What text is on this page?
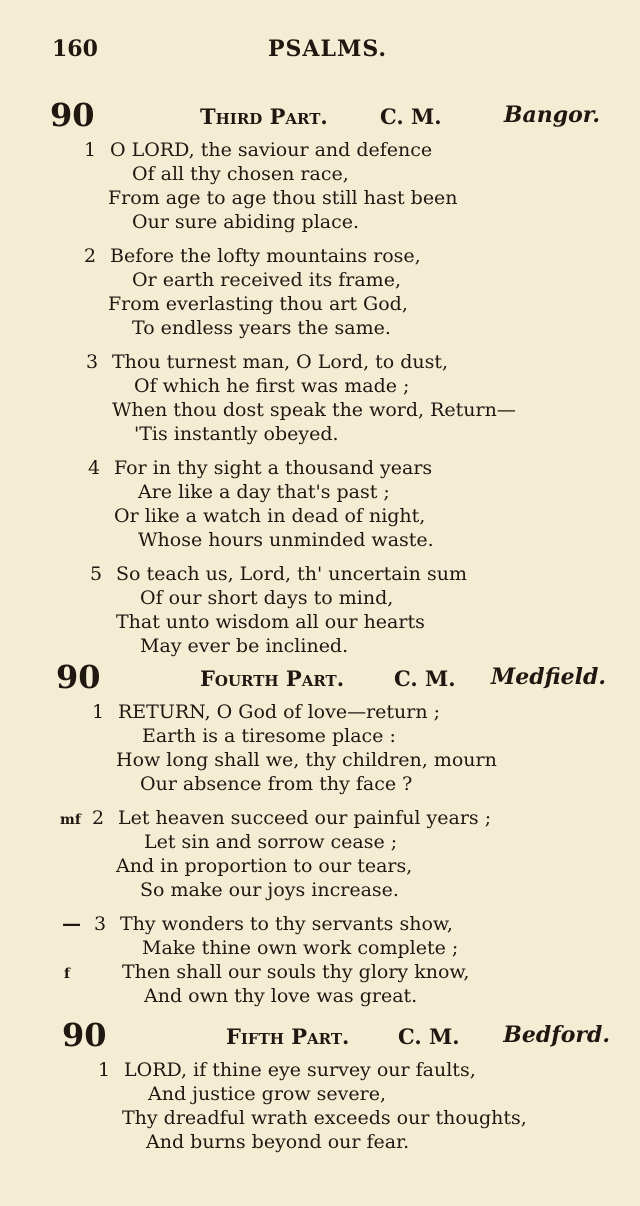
160	PSALMS.
90	Third Part. C. M.	Bangor.
1 O LORD, the saviour and defence
Of all thy chosen race,
From age to age thou still hast been
Our sure abiding place.
2 Before the lofty mountains rose,
Or earth received its frame,
From everlasting thou art God,
To endless years the same.
3 Thou turnest man, O Lord, to dust,
Of which he first was made ;
When thou dost speak the word, Return—
'Tis instantly obeyed.
4 For in thy sight a thousand years
Are like a day that's past ;
Or like a watch in dead of night,
Whose hours unminded waste.
5 So teach us, Lord, th' uncertain sum
Of our short days to mind,
That unto wisdom all our hearts
May ever be inclined.
90	Fourth Part. C. M. Medfield.
1 RETURN, O God of love—return ;
Earth is a tiresome place :
How long shall we, thy children, mourn
Our absence from thy face ?
mf 2 Let heaven succeed our painful years ;
Let sin and sorrow cease ;
And in proportion to our tears,
So make our joys increase.
— 3 Thy wonders to thy servants show,
Make thine own work complete ;
f	Then shall our souls thy glory know,
And own thy love was great.
90	Fifth Part. C. M. Bedford.
1 LORD, if thine eye survey our faults,
And justice grow severe,
Thy dreadful wrath exceeds our thoughts,
And burns beyond our fear.
